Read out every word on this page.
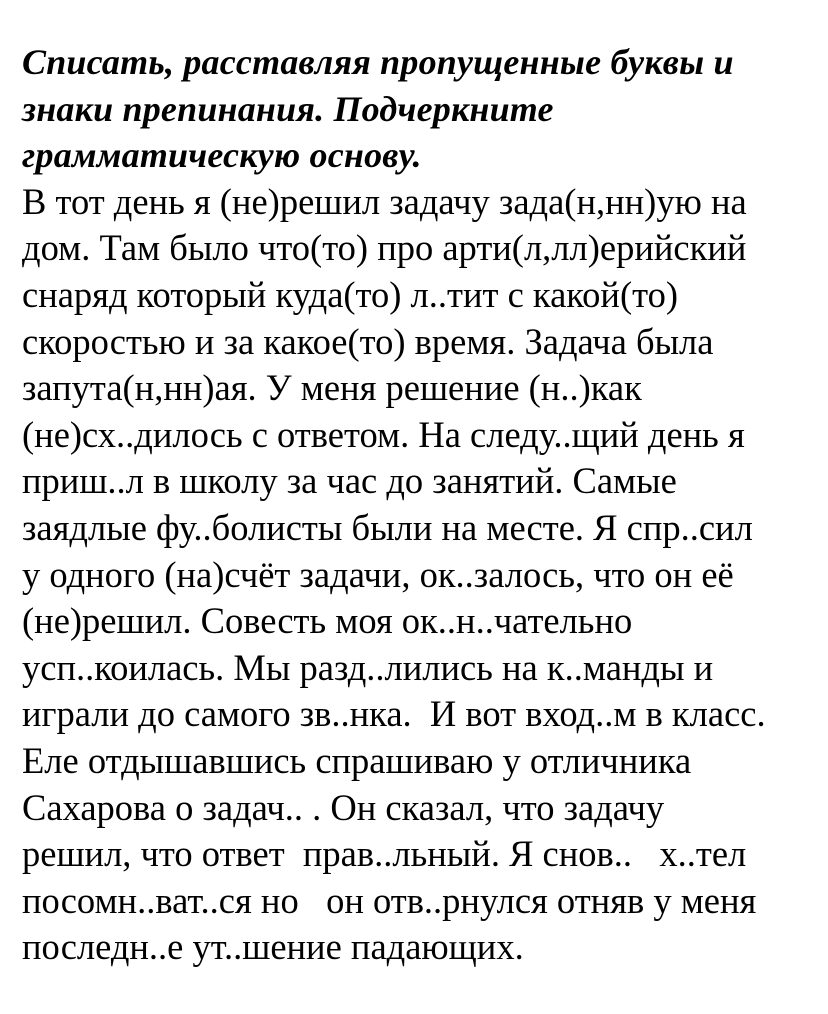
Списать, расставляя пропущенные буквы и
знаки препинания. Подчеркните
грамматическую основу.
В тот день я (не)решил задачу зада(н,нн)ую на
дом. Там было что(то) про арти(л,лл)ерийский
снаряд который куда(то) л..тит с какой(то)
скоростью и за какое(то) время. Задача была
запута(н,нн)ая. У меня решение (н..)как
(не)сх..дилось с ответом. На следу..щий день я
приш..л в школу за час до занятий. Самые
заядлые фу..болисты были на месте. Я спр..сил
у одного (на)счёт задачи, ок..залось, что он её
(не)решил. Совесть моя ок..н..чательно
усп..коилась. Мы разд..лились на к..манды и
играли до самого зв..нка.  И вот вход..м в класс.
Еле отдышавшись спрашиваю у отличника
Сахарова о задач.. . Он сказал, что задачу
решил, что ответ  прав..льный. Я снов..   х..тел
посомн..ват..ся но   он отв..рнулся отняв у меня
последн..е ут..шение падающих.
